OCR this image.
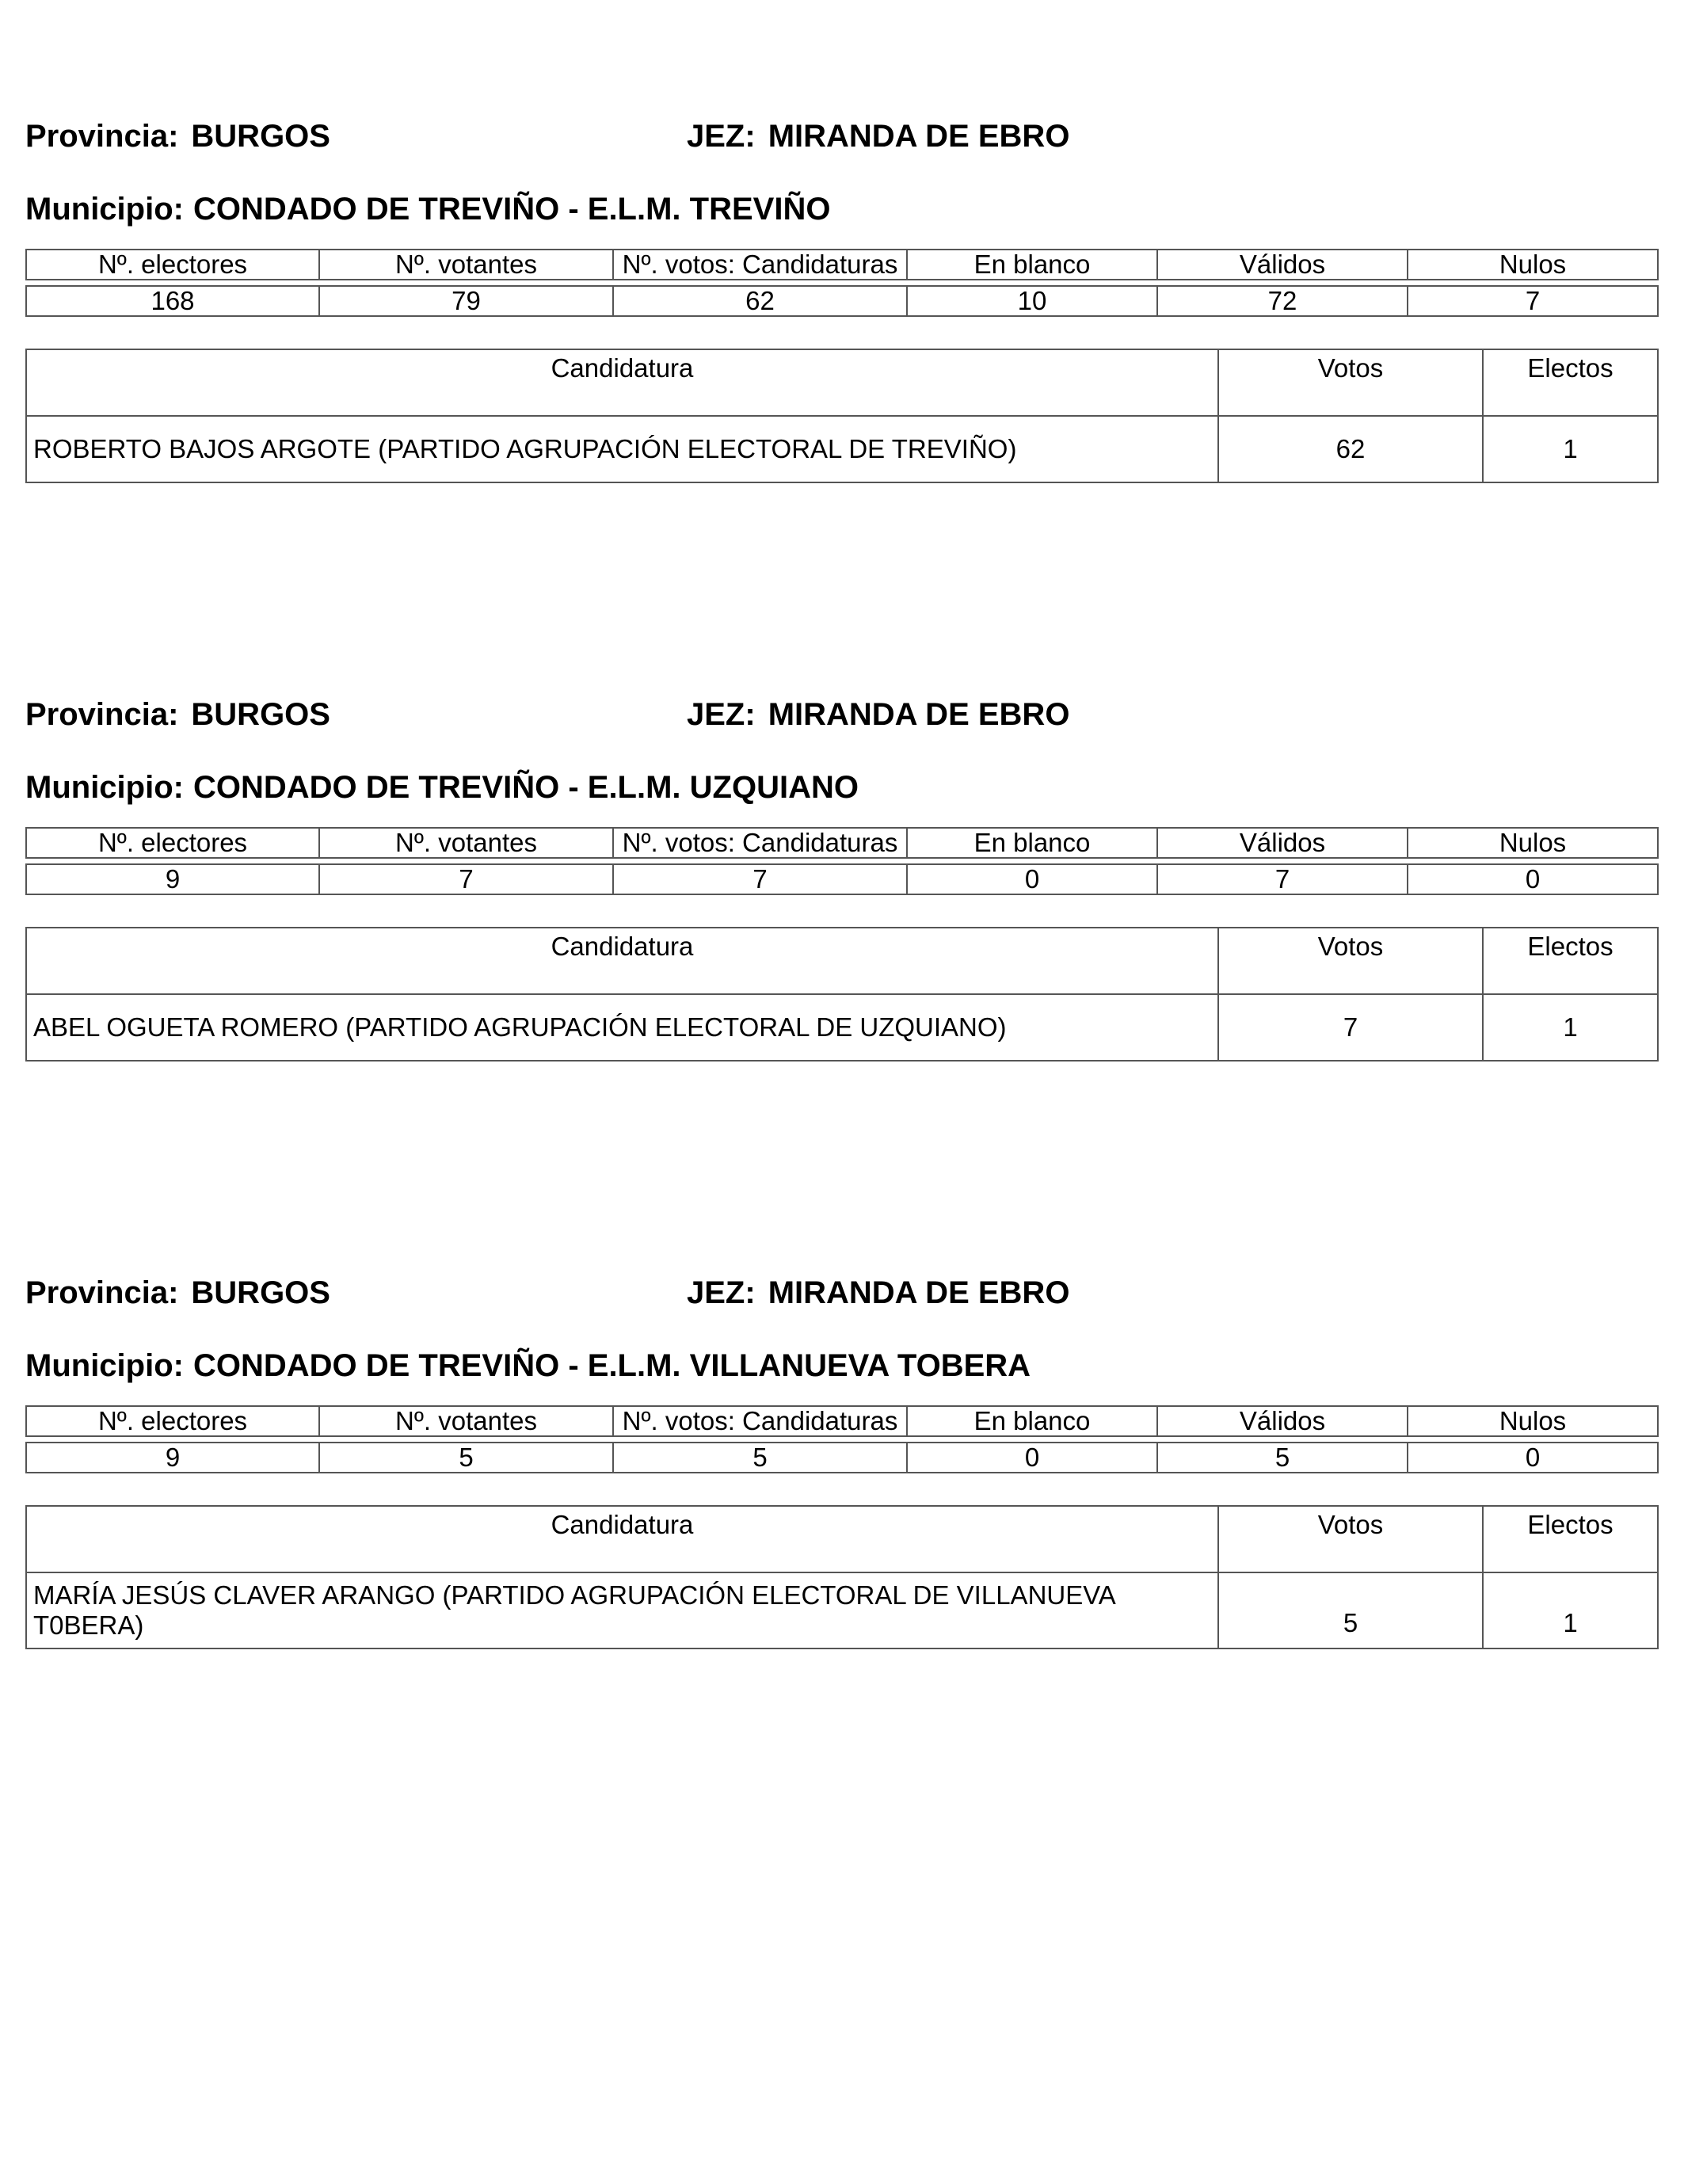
Provincia: BURGOS	JEZ: MIRANDA DE EBRO
Municipio: CONDADO DE TREVIÑO - E.L.M. TREVIÑO
Nº. electores	Nº. votantes	Nº. votos: Candidaturas	En blanco	Válidos	Nulos

168	79	62	10	72	7
Candidatura	Votos	Electos
ROBERTO BAJOS ARGOTE (PARTIDO AGRUPACIÓN ELECTORAL DE TREVIÑO)	62	1
Provincia: BURGOS	JEZ: MIRANDA DE EBRO
Municipio: CONDADO DE TREVIÑO - E.L.M. UZQUIANO
Nº. electores	Nº. votantes	Nº. votos: Candidaturas	En blanco	Válidos	Nulos

9	7	7	0	7	0
Candidatura	Votos	Electos
ABEL OGUETA ROMERO (PARTIDO AGRUPACIÓN ELECTORAL DE UZQUIANO)	7	1
Provincia: BURGOS	JEZ: MIRANDA DE EBRO
Municipio: CONDADO DE TREVIÑO - E.L.M. VILLANUEVA TOBERA
Nº. electores	Nº. votantes	Nº. votos: Candidaturas	En blanco	Válidos	Nulos

9	5	5	0	5	0
Candidatura	Votos	Electos
MARÍA JESÚS CLAVER ARANGO (PARTIDO AGRUPACIÓN ELECTORAL DE VILLANUEVA T0BERA)	5	1
